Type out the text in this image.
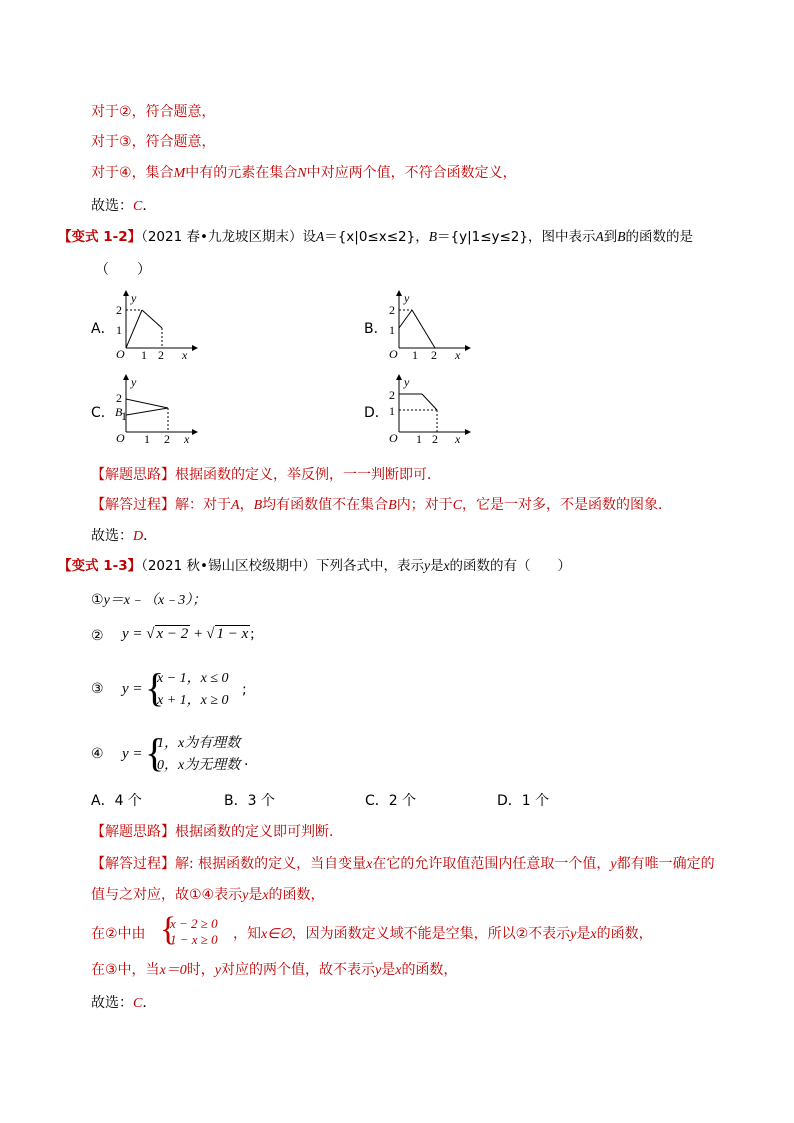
对于②，符合题意，
对于③，符合题意，
对于④，集合M中有的元素在集合N中对应两个值，不符合函数定义，
故选：C．
【变式 1-2】（2021 春•九龙坡区期末）设A＝{x|0≤x≤2}，B＝{y|1≤y≤2}，图中表示A到B的函数的是
（　　）
A．	B．
C．	D．
y
x
O
2
1
1 2
y
x
O
2
1
1 2
y
x
O
2
B
1
1 2
y
x
O
2
1
1 2
【解题思路】根据函数的定义，举反例，一一判断即可．
【解答过程】解：对于A，B均有函数值不在集合B内；对于C，它是一对多，不是函数的图象．
故选：D．
【变式 1-3】（2021 秋•锡山区校级期中）下列各式中，表示y是x的函数的有（　　）
①y＝x﹣（x﹣3）；
② y = √ x − 2 + √ 1 − x ;
③ y = {
x − 1，x ≤ 0
x + 1，x ≥ 0
;
④ y = {
1，x为有理数
0，x为无理数 .
A．4 个	B．3 个	C．2 个	D．1 个
【解题思路】根据函数的定义即可判断．
【解答过程】解: 根据函数的定义，当自变量x在它的允许取值范围内任意取一个值，y都有唯一确定的
值与之对应，故①④表示y是x的函数，
在②中由 {
x − 2 ≥ 0
1 − x ≥ 0 ，知x∈∅，因为函数定义域不能是空集，所以②不表示y是x的函数，
在③中，当x＝0时，y对应的两个值，故不表示y是x的函数，
故选：C．
